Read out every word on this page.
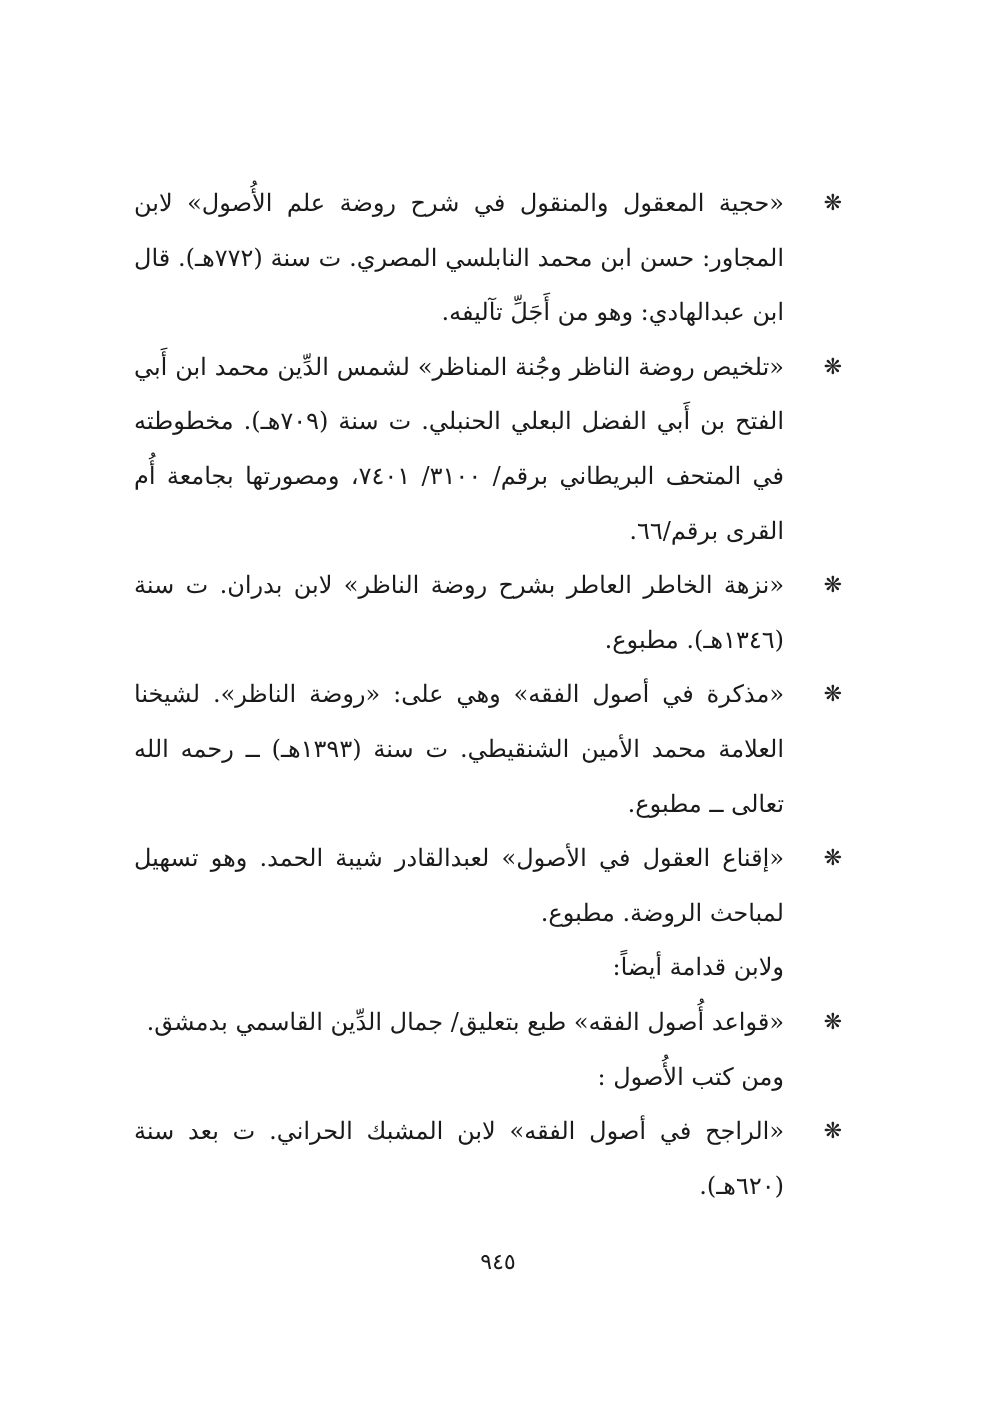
❋
«حجية المعقول والمنقول في شرح روضة علم الأُصول» لابن المجاور: حسن ابن محمد النابلسي المصري. ت سنة (٧٧٢هـ). قال ابن عبدالهادي: وهو من أَجَلِّ تآليفه.
❋
«تلخيص روضة الناظر وجُنة المناظر» لشمس الدِّين محمد ابن أَبي الفتح بن أَبي الفضل البعلي الحنبلي. ت سنة (٧٠٩هـ). مخطوطته في المتحف البريطاني برقم/ ٣١٠٠/ ٧٤٠١، ومصورتها بجامعة أُم القرى برقم/٦٦.
❋
«نزهة الخاطر العاطر بشرح روضة الناظر» لابن بدران. ت سنة (١٣٤٦هـ). مطبوع.
❋
«مذكرة في أصول الفقه» وهي على: «روضة الناظر». لشيخنا العلامة محمد الأمين الشنقيطي. ت سنة (١٣٩٣هـ) ــ رحمه الله تعالى ــ مطبوع.
❋
«إقناع العقول في الأصول» لعبدالقادر شيبة الحمد. وهو تسهيل لمباحث الروضة. مطبوع.
ولابن قدامة أيضاً:
❋
«قواعد أُصول الفقه» طبع بتعليق/ جمال الدِّين القاسمي بدمشق.
ومن كتب الأُصول :
❋
«الراجح في أصول الفقه» لابن المشبك الحراني. ت بعد سنة (٦٢٠هـ).
٩٤٥
